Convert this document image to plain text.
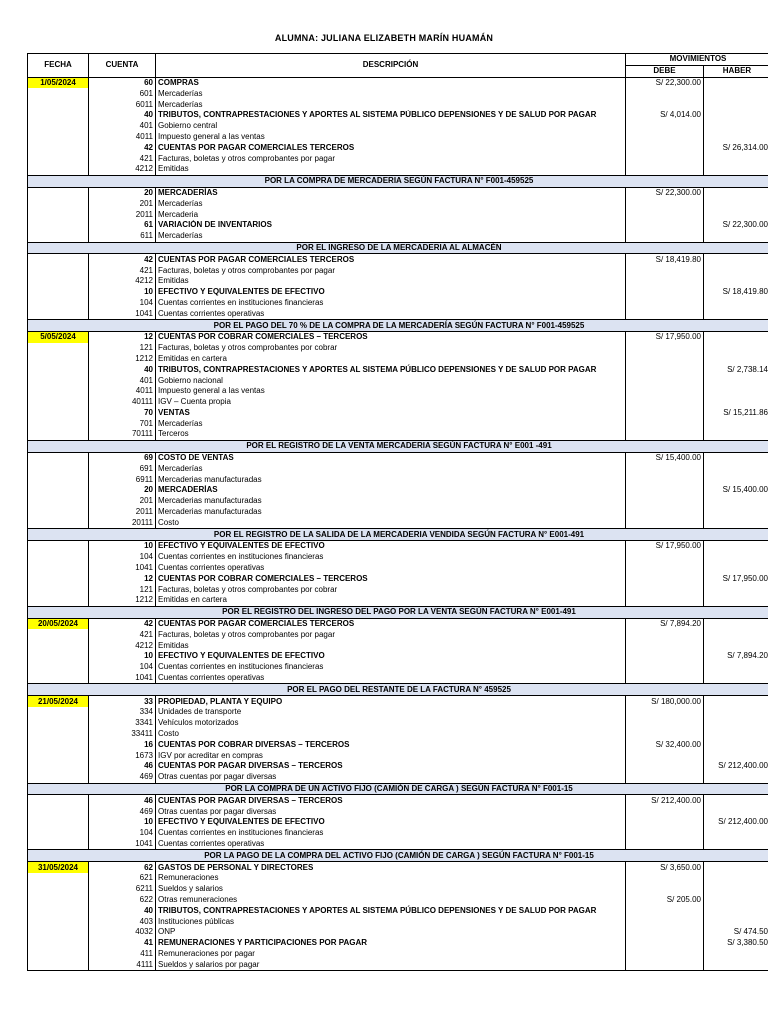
ALUMNA: JULIANA ELIZABETH MARÍN HUAMÁN
FECHA	CUENTA	DESCRIPCIÓN	MOVIMIENTOS	
			DEBE	HABER
1/05/2024	60	COMPRAS	S/ 22,300.00	
	601	Mercaderías		
	6011	Mercaderías		
	40	TRIBUTOS, CONTRAPRESTACIONES Y APORTES AL SISTEMA PÚBLICO DEPENSIONES Y DE SALUD POR PAGAR	S/ 4,014.00	
	401	Gobierno central		
	4011	Impuesto general a las ventas		
	42	CUENTAS POR PAGAR COMERCIALES TERCEROS		S/ 26,314.00
	421	Facturas, boletas y otros comprobantes por pagar		
	4212	Emitidas		
POR LA COMPRA DE MERCADERIA SEGÚN FACTURA N° F001-459525				
	20	MERCADERÍAS	S/ 22,300.00	
	201	Mercaderías		
	2011	Mercaderia		
	61	VARIACIÓN DE INVENTARIOS		S/ 22,300.00
	611	Mercaderías		
POR EL INGRESO DE LA MERCADERIA AL ALMACÉN				
	42	CUENTAS POR PAGAR COMERCIALES TERCEROS	S/ 18,419.80	
	421	Facturas, boletas y otros comprobantes por pagar		
	4212	Emitidas		
	10	EFECTIVO Y EQUIVALENTES DE EFECTIVO		S/ 18,419.80
	104	Cuentas corrientes en instituciones financieras		
	1041	Cuentas corrientes operativas		
POR EL PAGO DEL 70 % DE LA COMPRA DE LA MERCADERÍA SEGÚN FACTURA N° F001-459525				
5/05/2024	12	CUENTAS POR COBRAR COMERCIALES – TERCEROS	S/ 17,950.00	
	121	Facturas, boletas y otros comprobantes por cobrar		
	1212	Emitidas en cartera		
	40	TRIBUTOS, CONTRAPRESTACIONES Y APORTES AL SISTEMA PÚBLICO DEPENSIONES Y DE SALUD POR PAGAR		S/ 2,738.14
	401	Gobierno nacional		
	4011	Impuesto general a las ventas		
	40111	IGV – Cuenta propia		
	70	VENTAS		S/ 15,211.86
	701	Mercaderías		
	70111	Terceros		
POR EL REGISTRO DE LA VENTA MERCADERIA SEGÚN FACTURA N° E001 -491				
	69	COSTO DE VENTAS	S/ 15,400.00	
	691	Mercaderías		
	6911	Mercaderias manufacturadas		
	20	MERCADERÍAS		S/ 15,400.00
	201	Mercaderias manufacturadas		
	2011	Mercaderias manufacturadas		
	20111	Costo		
POR EL REGISTRO DE LA SALIDA DE LA MERCADERIA VENDIDA SEGÚN FACTURA N° E001-491				
	10	EFECTIVO Y EQUIVALENTES DE EFECTIVO	S/ 17,950.00	
	104	Cuentas corrientes en instituciones financieras		
	1041	Cuentas corrientes operativas		
	12	CUENTAS POR COBRAR COMERCIALES – TERCEROS		S/ 17,950.00
	121	Facturas, boletas y otros comprobantes por cobrar		
	1212	Emitidas en cartera		
POR EL REGISTRO DEL INGRESO DEL PAGO POR LA VENTA SEGÚN FACTURA N° E001-491				
20/05/2024	42	CUENTAS POR PAGAR COMERCIALES TERCEROS	S/ 7,894.20	
	421	Facturas, boletas y otros comprobantes por pagar		
	4212	Emitidas		
	10	EFECTIVO Y EQUIVALENTES DE EFECTIVO		S/ 7,894.20
	104	Cuentas corrientes en instituciones financieras		
	1041	Cuentas corrientes operativas		
POR EL PAGO DEL RESTANTE DE LA FACTURA N° 459525				
21/05/2024	33	PROPIEDAD, PLANTA Y EQUIPO	S/ 180,000.00	
	334	Unidades de transporte		
	3341	Vehículos motorizados		
	33411	Costo		
	16	CUENTAS POR COBRAR DIVERSAS – TERCEROS	S/ 32,400.00	
	1673	IGV por acreditar en compras		
	46	CUENTAS POR PAGAR DIVERSAS – TERCEROS		S/ 212,400.00
	469	Otras cuentas por pagar diversas		
POR LA COMPRA DE UN ACTIVO FIJO (CAMIÓN DE CARGA ) SEGÚN FACTURA N° F001-15				
	46	CUENTAS POR PAGAR DIVERSAS – TERCEROS	S/ 212,400.00	
	469	Otras cuentas por pagar diversas		
	10	EFECTIVO Y EQUIVALENTES DE EFECTIVO		S/ 212,400.00
	104	Cuentas corrientes en instituciones financieras		
	1041	Cuentas corrientes operativas		
POR LA PAGO DE LA COMPRA DEL ACTIVO FIJO (CAMIÓN DE CARGA ) SEGÚN FACTURA N° F001-15				
31/05/2024	62	GASTOS DE PERSONAL Y DIRECTORES	S/ 3,650.00	
	621	Remuneraciones		
	6211	Sueldos y salarios		
	622	Otras remuneraciones	S/ 205.00	
	40	TRIBUTOS, CONTRAPRESTACIONES Y APORTES AL SISTEMA PÚBLICO DEPENSIONES Y DE SALUD POR PAGAR		
	403	Instituciones públicas		
	4032	ONP		S/ 474.50
	41	REMUNERACIONES Y PARTICIPACIONES POR PAGAR		S/ 3,380.50
	411	Remuneraciones por pagar		
	4111	Sueldos y salarios por pagar		
